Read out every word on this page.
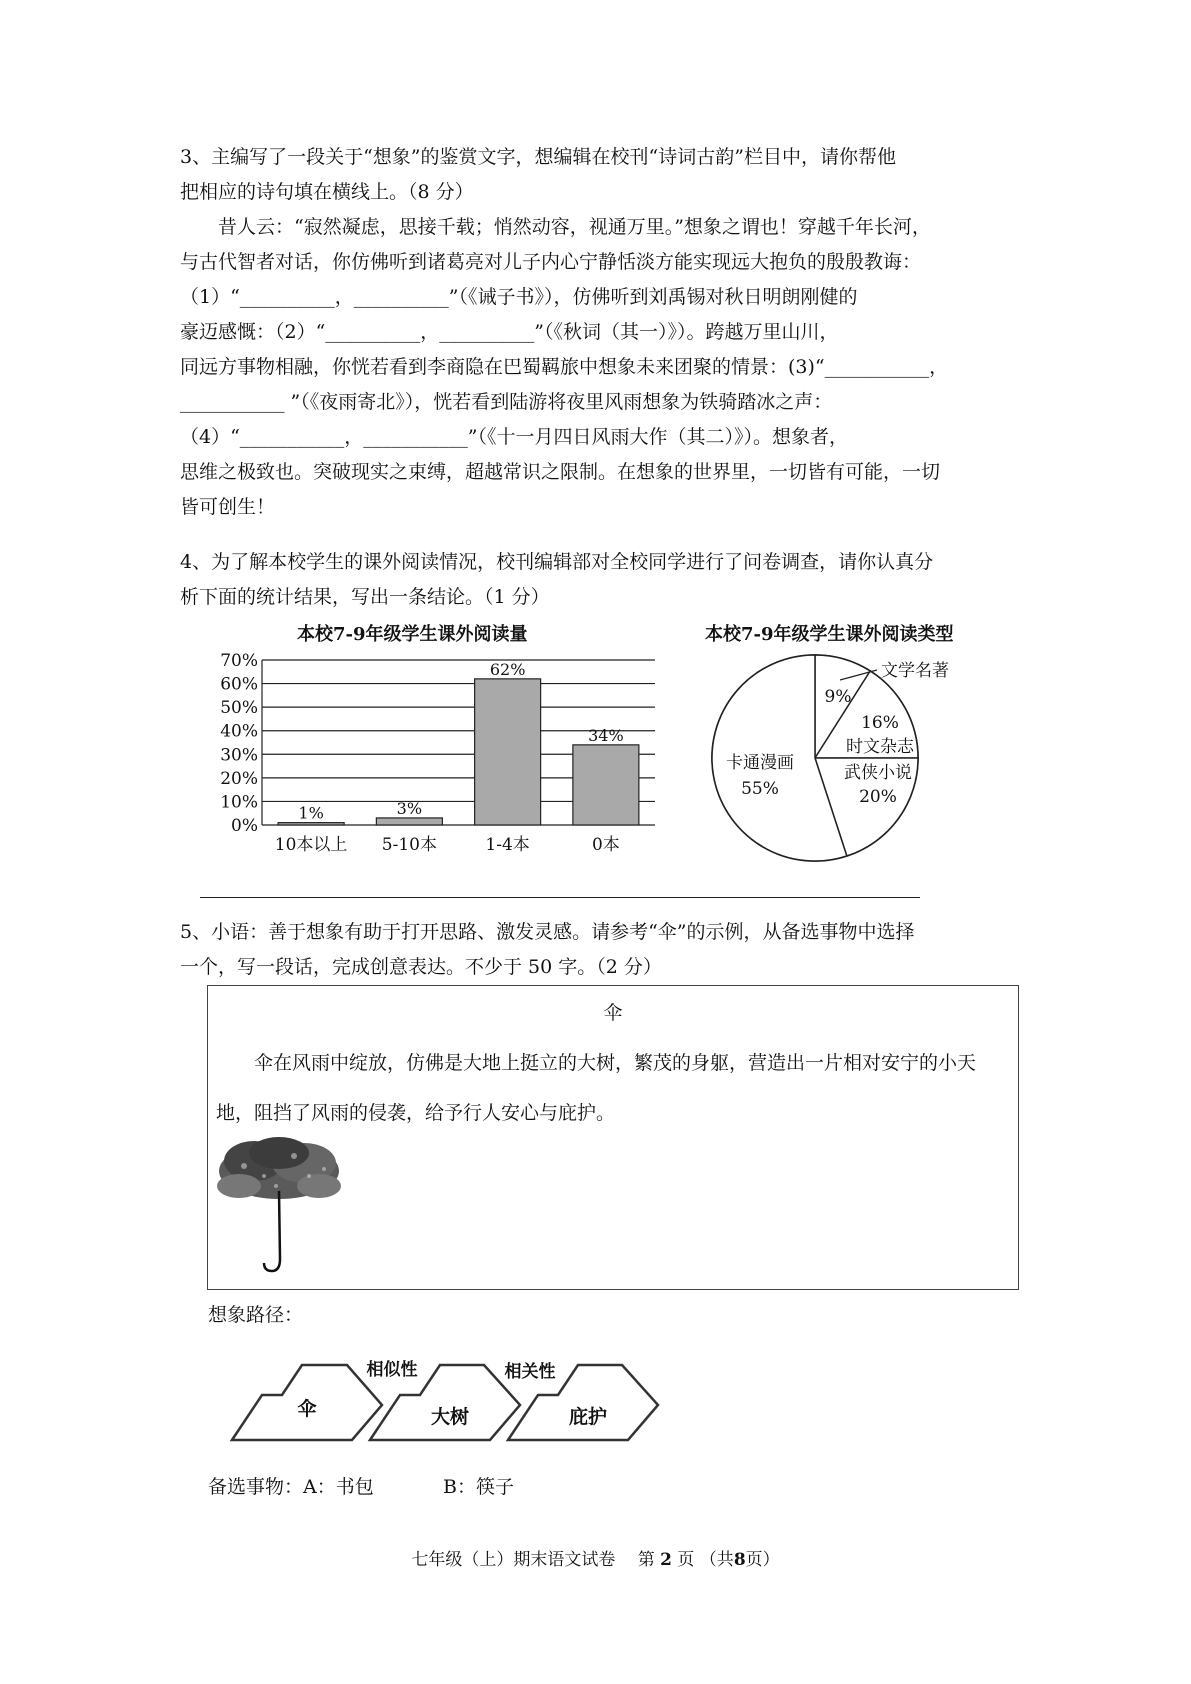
3、主编写了一段关于“想象”的鉴赏文字，想编辑在校刊“诗词古韵”栏目中，请你帮他

把相应的诗句填在横线上。（8 分）

昔人云：“寂然凝虑，思接千载；悄然动容，视通万里。”想象之谓也！穿越千年长河，

与古代智者对话，你仿佛听到诸葛亮对儿子内心宁静恬淡方能实现远大抱负的殷殷教诲：

（1）“__________，__________”（《诫子书》），仿佛听到刘禹锡对秋日明朗刚健的

豪迈感慨：（2）“__________，__________”（《秋词（其一）》）。跨越万里山川，

同远方事物相融，你恍若看到李商隐在巴蜀羁旅中想象未来团聚的情景：(3)“___________，

___________ ”（《夜雨寄北》），恍若看到陆游将夜里风雨想象为铁骑踏冰之声：

（4）“___________，___________”（《十一月四日风雨大作（其二）》）。想象者，

思维之极致也。突破现实之束缚，超越常识之限制。在想象的世界里，一切皆有可能，一切

皆可创生！

4、为了解本校学生的课外阅读情况，校刊编辑部对全校同学进行了问卷调查，请你认真分

析下面的统计结果，写出一条结论。（1 分）

本校7-9年级学生课外阅读量
0%
10%
20%
30%
40%
50%
60%
70%
1%
10本以上
3%
5-10本
62%
1-4本
34%
0本
本校7-9年级学生课外阅读类型
9%
文学名著
16%
时文杂志
武侠小说
20%
卡通漫画
55%

5、小语：善于想象有助于打开思路、激发灵感。请参考“伞”的示例，从备选事物中选择

一个，写一段话，完成创意表达。不少于 50 字。（2 分）

伞
伞在风雨中绽放，仿佛是大地上挺立的大树，繁茂的身躯，营造出一片相对安宁的小天地，阻挡了风雨的侵袭，给予行人安心与庇护。
想象路径：
伞	大树	庇护
相似性	相关性
备选事物：A：书包	B：筷子
七年级（上）期末语文试卷　 第 2 页 （共8页）
